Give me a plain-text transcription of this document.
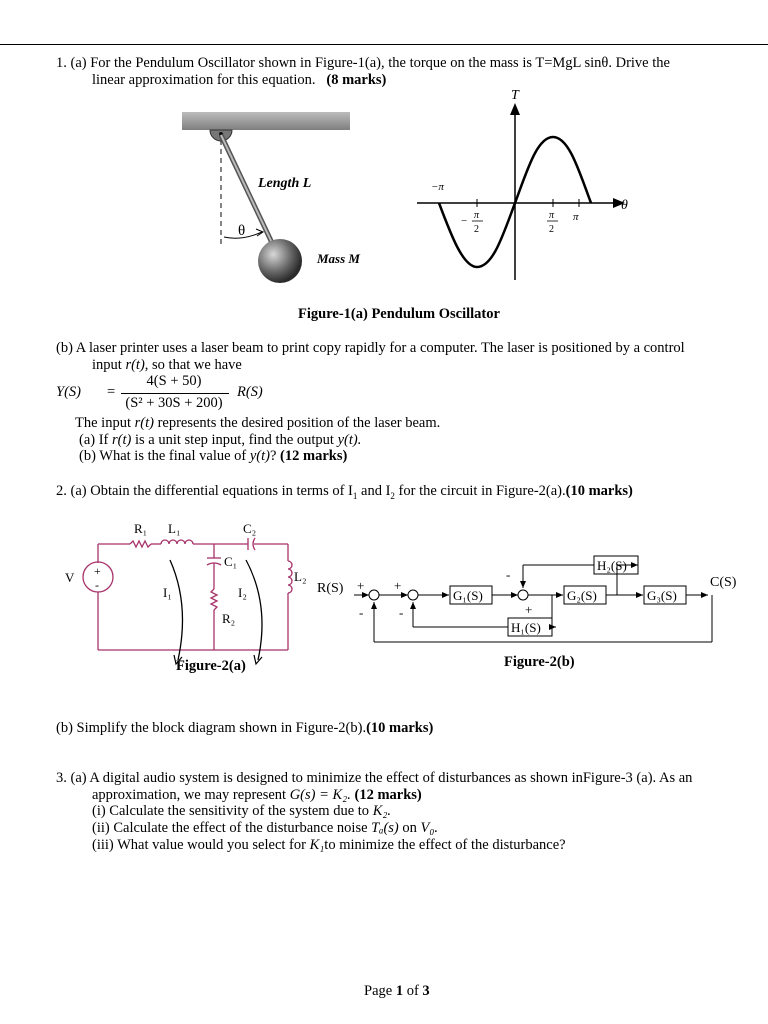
1. (a) For the Pendulum Oscillator shown in Figure-1(a), the torque on the mass is T=MgL sinθ. Drive the
linear approximation for this equation. (8 marks)
Length L
θ
Mass M
T
θ
−π
π
− π
2
π
2
Figure-1(a) Pendulum Oscillator
(b) A laser printer uses a laser beam to print copy rapidly for a computer. The laser is positioned by a control
input r(t), so that we have
Y(S) =
4(S + 50)
(S² + 30S + 200)
R(S)
The input r(t) represents the desired position of the laser beam.
(a) If r(t) is a unit step input, find the output y(t).
(b) What is the final value of y(t)? (12 marks)
2. (a) Obtain the differential equations in terms of $I_1$ and $I_2$ for the circuit in Figure-2(a).(10 marks)
R₁ L₁	C₂
C₁
L₂
V +
-	I₁	I₂
R₂
Figure-2(a)
R(S)	C(S)
G₁(S)	G₂(S)	G₃(S)
H₁(S)
H₂(S)
+
-
+
-
-
+
Figure-2(b)
(b) Simplify the block diagram shown in Figure-2(b).(10 marks)
3. (a) A digital audio system is designed to minimize the effect of disturbances as shown inFigure-3 (a). As an
approximation, we may represent G(s) = K₂. (12 marks)
(i) Calculate the sensitivity of the system due to K₂.
(ii) Calculate the effect of the disturbance noise Tₐ(s) on V₀.
(iii) What value would you select for K₁to minimize the effect of the disturbance?
Page 1 of 3
